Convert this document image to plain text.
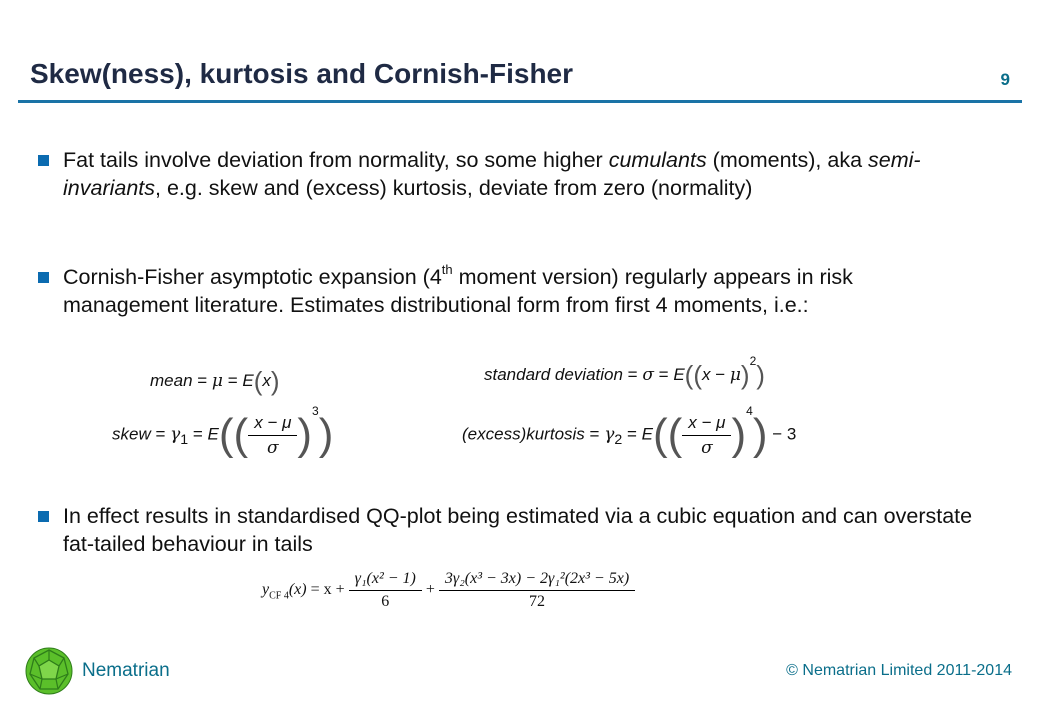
Skew(ness), kurtosis and Cornish-Fisher	9

Fat tails involve deviation from normality, so some higher cumulants (moments), aka semi-invariants, e.g. skew and (excess) kurtosis, deviate from zero (normality)

Cornish-Fisher asymptotic expansion (4th moment version) regularly appears in risk management literature. Estimates distributional form from first 4 moments, i.e.:

mean = μ = E(x)	standard deviation = $\sigma = E((x - \mu)^2)$
skew = $\gamma_1 = E(( \frac{x - \mu}{\sigma} )^3)$	(excess)kurtosis = $\gamma_2 = E(( \frac{x - \mu}{\sigma} )^4) - 3$

In effect results in standardised QQ-plot being estimated via a cubic equation and can overstate fat-tailed behaviour in tails

$y_{CF 4}(x) = x + \frac{\text{γ₁(x² − 1)}}{6} + \frac{\text{3γ₂(x³ − 3x) − 2γ₁²(2x³ − 5x)}}{72}$
Nematrian	© Nematrian Limited 2011-2014
